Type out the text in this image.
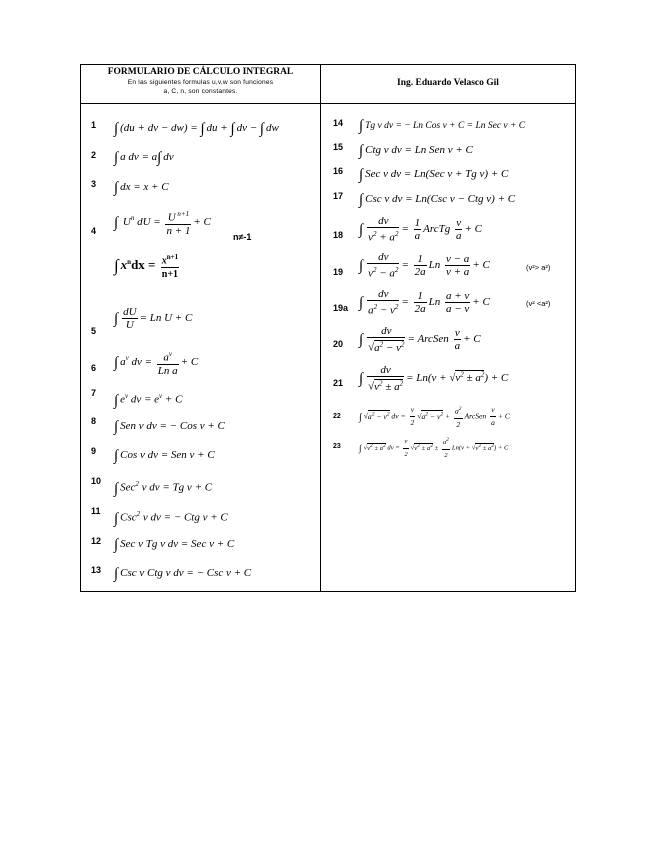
FORMULARIO DE CÁLCULO INTEGRAL
En las siguientes formulas u,v,w son funciones
a, C, n, son constantes.
Ing. Eduardo Velasco Gil
1 ∫ (du + dv − dw) = ∫ du + ∫ dv − ∫ dw
2 ∫ a dv = a∫ dv
3 ∫ dx = x + C
4
∫ $U^n$ dU = $\frac{U ^{n+1}}{n + 1} + C$
n≠-1
∫ $x^ndx = \frac{x^{n+1}}{n+1}$
5
∫ $\frac{dU}{U} = Ln$ U + C
6 ∫ $a^v$ dv = $\frac{a^v}{\text{Ln a}} + C$
7 ∫ $e^v$ dv = $e^v + C$
8 ∫ Sen v dv = − Cos v + C
9 ∫ Cos v dv = Sen v + C
10 ∫ Sec$^2$ v dv = Tg v + C
11 ∫ Csc$^2$ v dv = − Ctg v + C
12 ∫ Sec v Tg v dv = Sec v + C
13 ∫ Csc v Ctg v dv = − Csc v + C
14 ∫ Tg v dv = − Ln Cos v + C = Ln Sec v + C
15 ∫ Ctg v dv = Ln Sen v + C
16 ∫ Sec v dv = Ln(Sec v + Tg v) + C
17 ∫ Csc v dv = Ln(Csc v − Ctg v) + C
18 ∫ $\frac{dv}{v^2 + a^2} = \frac{1}{a}$ ArcTg $\frac{v}{a} + C$
19 ∫ $\frac{dv}{v^2 - a^2} = \frac{1}{2a}$ Ln $\frac{v - a}{v + a} + C$	(v²> a²)
19a ∫ $\frac{dv}{a^2 - v^2} = \frac{1}{2a}$ Ln $\frac{a + v}{a - v} + C$	(v² <a²)
20 ∫ $\frac{dv}{√a^2 - v^2}$ = ArcSen $\frac{v}{a} + C$
21 ∫ $\frac{dv}{√v^2 \pm a^2} = Ln(v + √v^2 \pm a^2) + C$
22 ∫ $√a^2 - v^2$ dv = $\frac{v}{2} √a^2 - v^2 + \frac{a^2}{2}$ ArcSen $\frac{v}{a} + C$
23 ∫ $√v^2 \pm a^2$ dv = $\frac{v}{2} √v^2 \pm a^2 \pm \frac{a^2}{2} Ln(v + √v^2 \pm a^2) + C$
